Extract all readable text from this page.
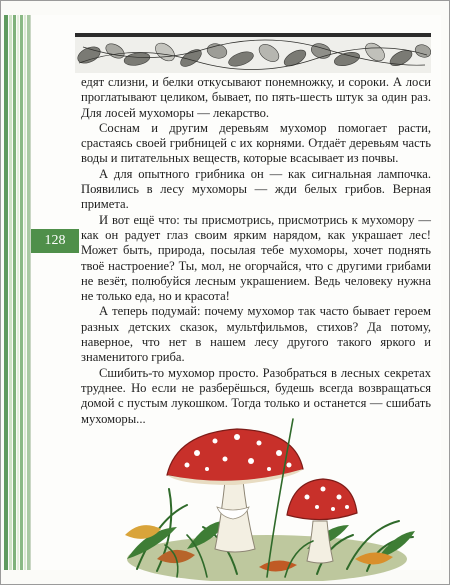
128

едят слизни, и белки откусывают понемножку, и сороки. А лоси проглатывают целиком, бывает, по пять-шесть штук за один раз. Для лосей мухоморы — лекарство.

Соснам и другим деревьям мухомор помогает расти, срастаясь своей грибницей с их корнями. Отдаёт деревьям часть воды и питательных веществ, которые всасывает из почвы.

А для опытного грибника он — как сигнальная лампочка. Появились в лесу мухоморы — жди белых грибов. Верная примета.

И вот ещё что: ты присмотрись, присмотрись к мухомору — как он радует глаз своим ярким нарядом, как украшает лес! Может быть, природа, посылая тебе мухоморы, хочет поднять твоё настроение? Ты, мол, не огорчайся, что с другими грибами не везёт, полюбуйся лесным украшением. Ведь человеку нужна не только еда, но и красота!

А теперь подумай: почему мухомор так часто бывает героем разных детских сказок, мультфильмов, стихов? Да потому, наверное, что нет в нашем лесу другого такого яркого и знаменитого гриба.

Сшибить-то мухомор просто. Разобраться в лесных секретах труднее. Но если не разберёшься, будешь всегда возвращаться домой с пустым лукошком. Тогда только и останется — сшибать мухоморы...
